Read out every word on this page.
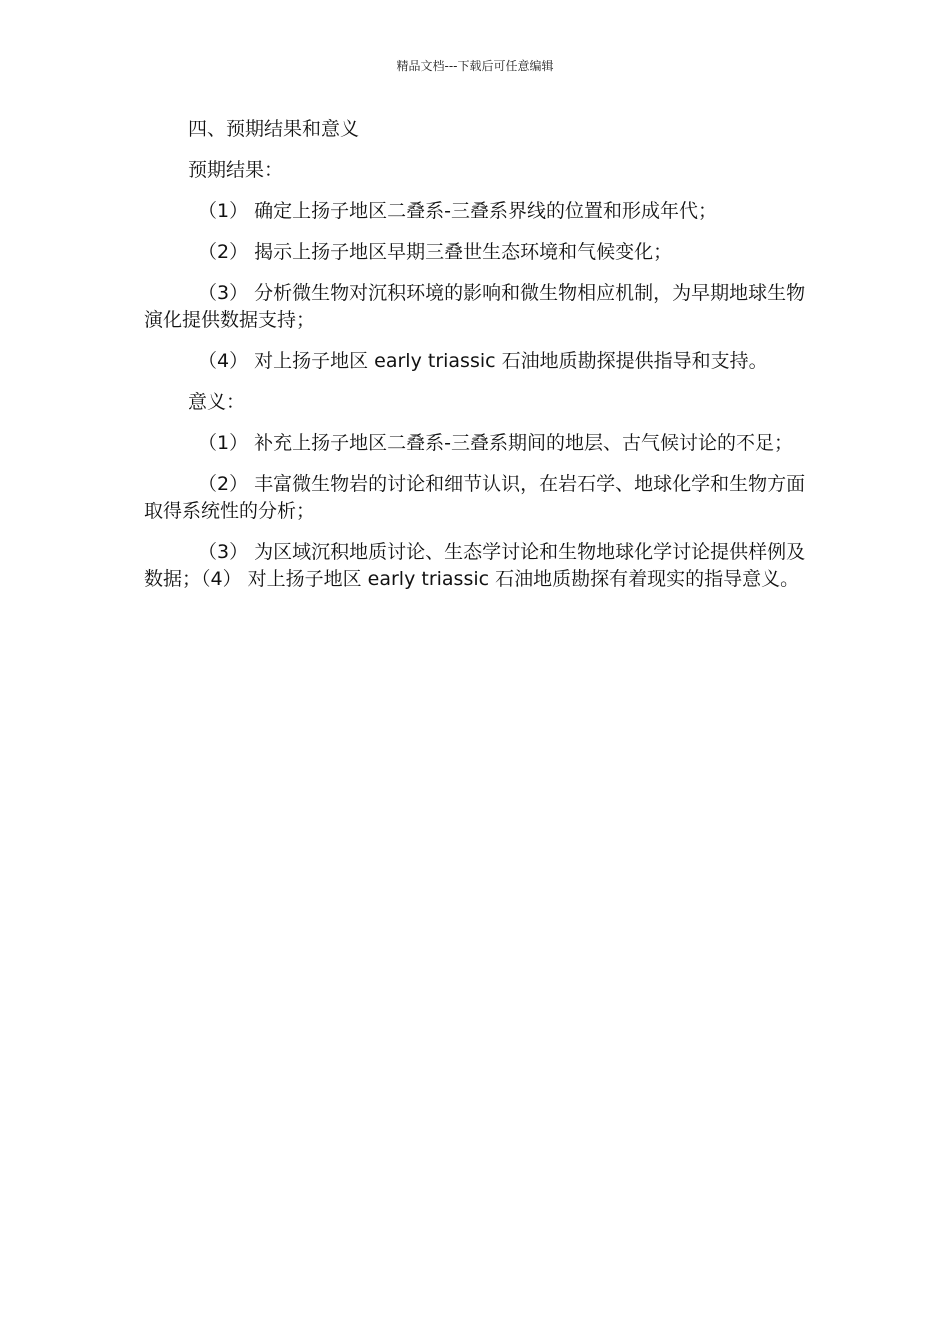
精品文档---下载后可任意编辑

四、预期结果和意义

预期结果：

（1） 确定上扬子地区二叠系-三叠系界线的位置和形成年代；

（2） 揭示上扬子地区早期三叠世生态环境和气候变化；

（3） 分析微生物对沉积环境的影响和微生物相应机制，为早期地球生物演化提供数据支持；

（4） 对上扬子地区 early triassic 石油地质勘探提供指导和支持。

意义：

（1） 补充上扬子地区二叠系-三叠系期间的地层、古气候讨论的不足；

（2） 丰富微生物岩的讨论和细节认识，在岩石学、地球化学和生物方面取得系统性的分析；

（3） 为区域沉积地质讨论、生态学讨论和生物地球化学讨论提供样例及数据；（4） 对上扬子地区 early triassic 石油地质勘探有着现实的指导意义。
